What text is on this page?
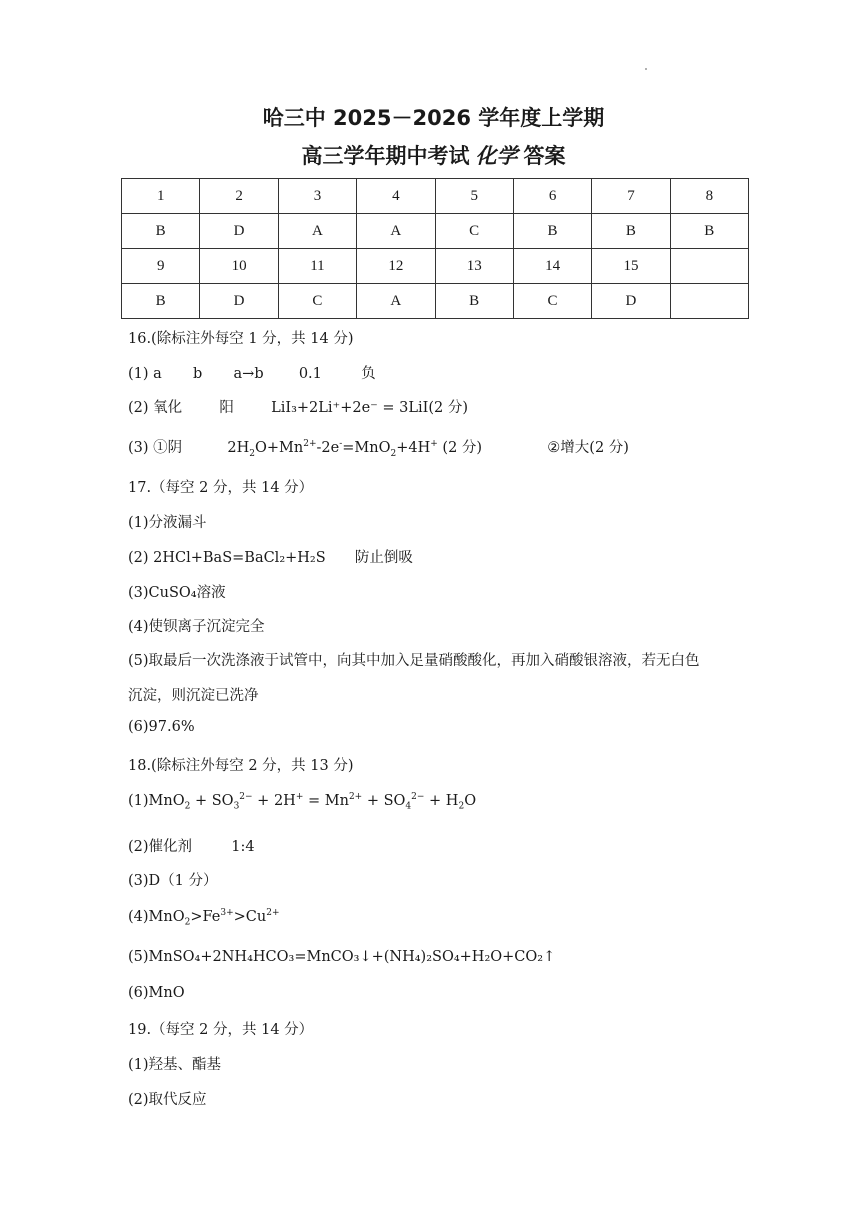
哈三中 2025－2026 学年度上学期
高三学年期中考试 化学 答案
1	2	3	4	5	6	7	8
B	D	A	A	C	B	B	B
9	10	11	12	13	14	15	
B	D	C	A	B	C	D	
16.(除标注外每空 1 分，共 14 分)
(1) a b a→b 0.1	负
(2) 氧化	阳	LiI₃+2Li⁺+2e⁻ = 3LiI(2 分)
(3) ①阴	$2H_2O+Mn^{2+}-2e^-=MnO_2+4H^+$ (2 分)	②增大(2 分)
17.（每空 2 分，共 14 分）
(1)分液漏斗
(2) 2HCl+BaS=BaCl₂+H₂S 防止倒吸
(3)CuSO₄溶液
(4)使钡离子沉淀完全
(5)取最后一次洗涤液于试管中，向其中加入足量硝酸酸化，再加入硝酸银溶液，若无白色
沉淀，则沉淀已洗净
(6)97.6%
18.(除标注外每空 2 分，共 13 分)
$(1)MnO_2 + SO_3^{2-} + 2H^+ = Mn^{2+} + SO_4^{2-} + H_2O$
(2)催化剂	1:4
(3)D（1 分）
$(4)MnO_2>Fe^{3+}>Cu^{2+}$
(5)MnSO₄+2NH₄HCO₃=MnCO₃↓+(NH₄)₂SO₄+H₂O+CO₂↑
(6)MnO
19.（每空 2 分，共 14 分）
(1)羟基、酯基
(2)取代反应
